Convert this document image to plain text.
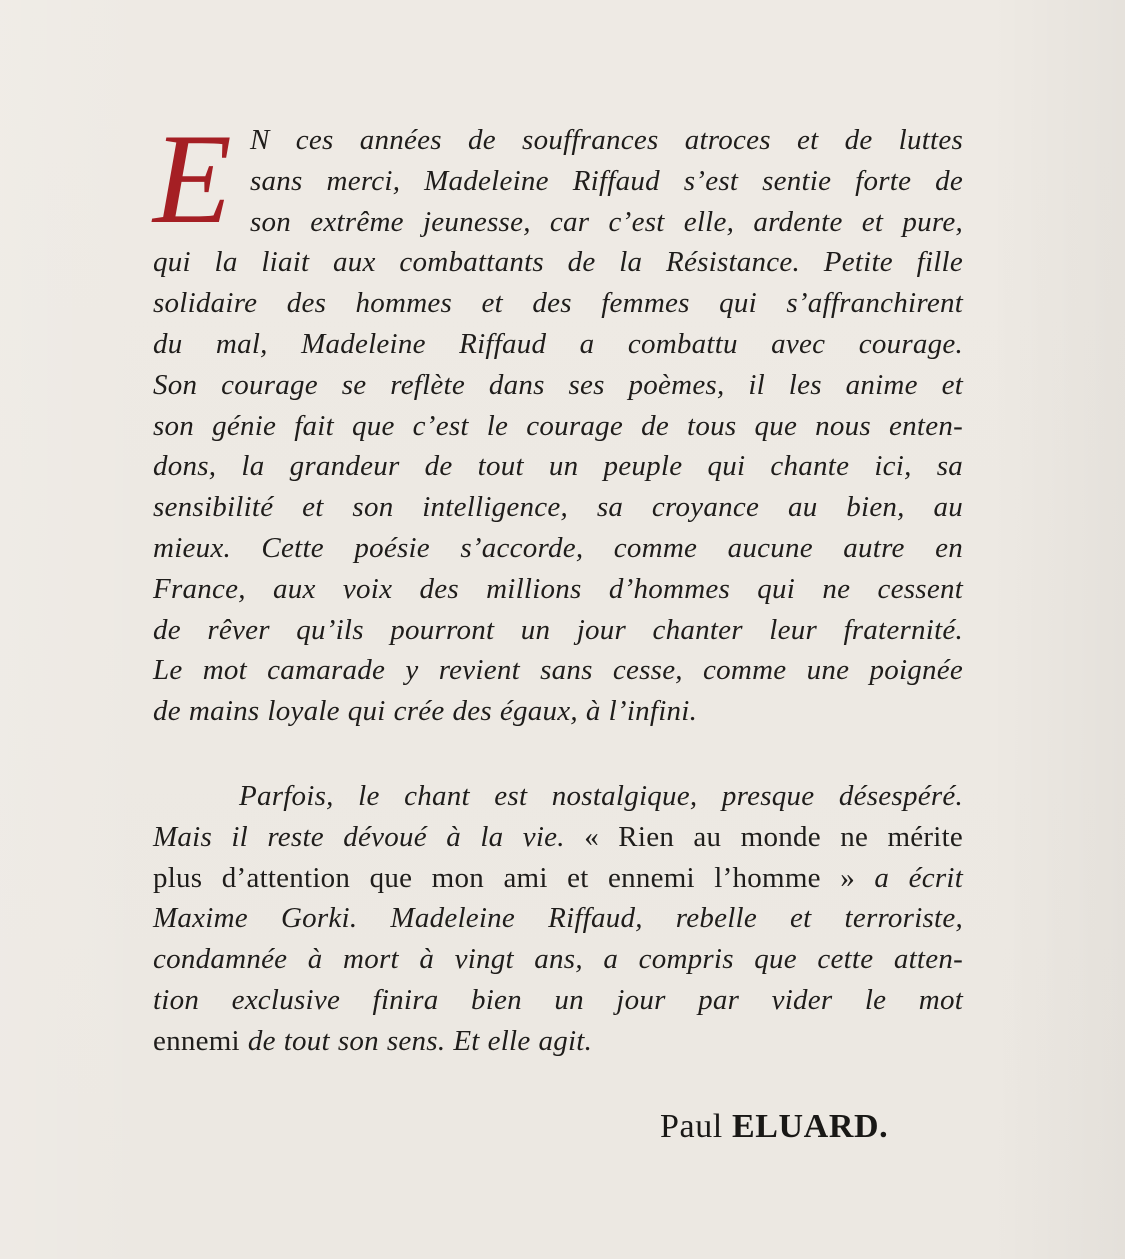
E N ces années de souffrances atroces et de luttes
sans merci, Madeleine Riffaud s’est sentie forte de
son extrême jeunesse, car c’est elle, ardente et pure,
qui la liait aux combattants de la Résistance. Petite fille
solidaire des hommes et des femmes qui s’affranchirent
du mal, Madeleine Riffaud a combattu avec courage.
Son courage se reflète dans ses poèmes, il les anime et
son génie fait que c’est le courage de tous que nous enten-
dons, la grandeur de tout un peuple qui chante ici, sa
sensibilité et son intelligence, sa croyance au bien, au
mieux. Cette poésie s’accorde, comme aucune autre en
France, aux voix des millions d’hommes qui ne cessent
de rêver qu’ils pourront un jour chanter leur fraternité.
Le mot camarade y revient sans cesse, comme une poignée
de mains loyale qui crée des égaux, à l’infini.
Parfois, le chant est nostalgique, presque désespéré.
Mais il reste dévoué à la vie. « Rien au monde ne mérite
plus d’attention que mon ami et ennemi l’homme » a écrit
Maxime Gorki. Madeleine Riffaud, rebelle et terroriste,
condamnée à mort à vingt ans, a compris que cette atten-
tion exclusive finira bien un jour par vider le mot
ennemi de tout son sens. Et elle agit.
Paul ELUARD.
